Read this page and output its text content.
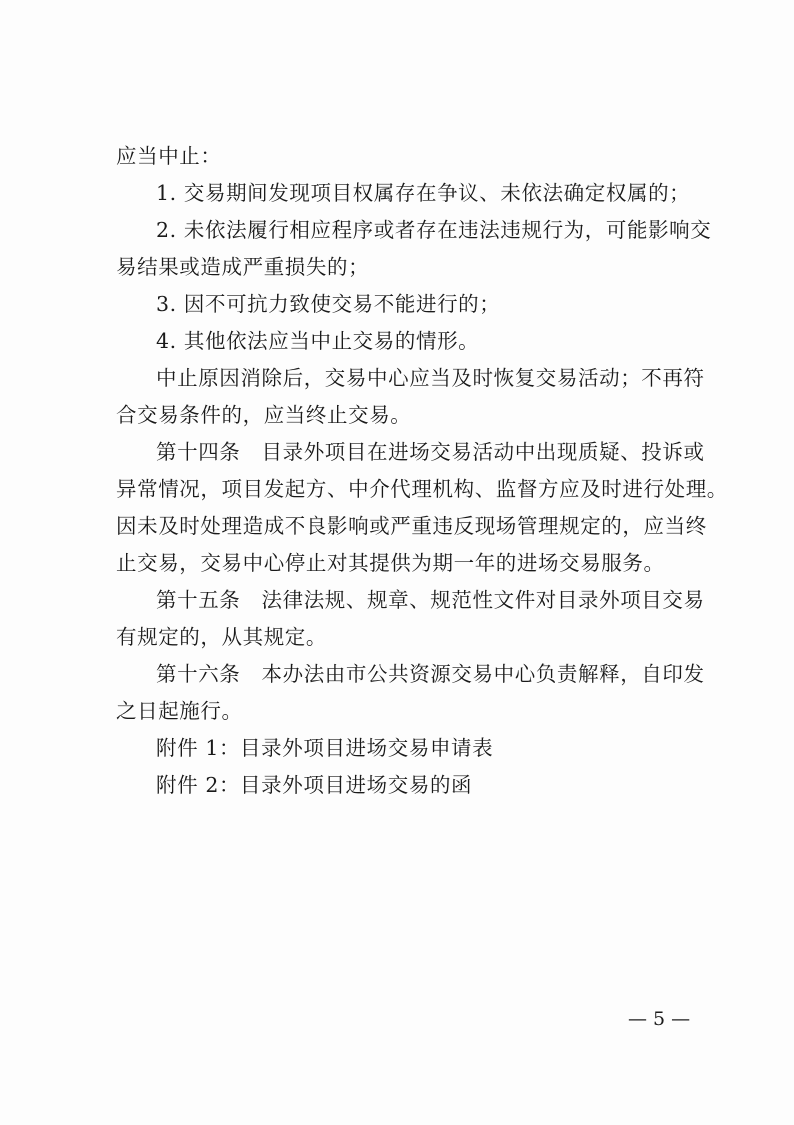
应当中止：
1. 交易期间发现项目权属存在争议、未依法确定权属的；
2. 未依法履行相应程序或者存在违法违规行为，可能影响交
易结果或造成严重损失的；
3. 因不可抗力致使交易不能进行的；
4. 其他依法应当中止交易的情形。
中止原因消除后，交易中心应当及时恢复交易活动；不再符
合交易条件的，应当终止交易。
第十四条　目录外项目在进场交易活动中出现质疑、投诉或
异常情况，项目发起方、中介代理机构、监督方应及时进行处理。
因未及时处理造成不良影响或严重违反现场管理规定的，应当终
止交易，交易中心停止对其提供为期一年的进场交易服务。
第十五条　法律法规、规章、规范性文件对目录外项目交易
有规定的，从其规定。
第十六条　本办法由市公共资源交易中心负责解释，自印发
之日起施行。
附件 1：目录外项目进场交易申请表
附件 2：目录外项目进场交易的函
— 5 —
